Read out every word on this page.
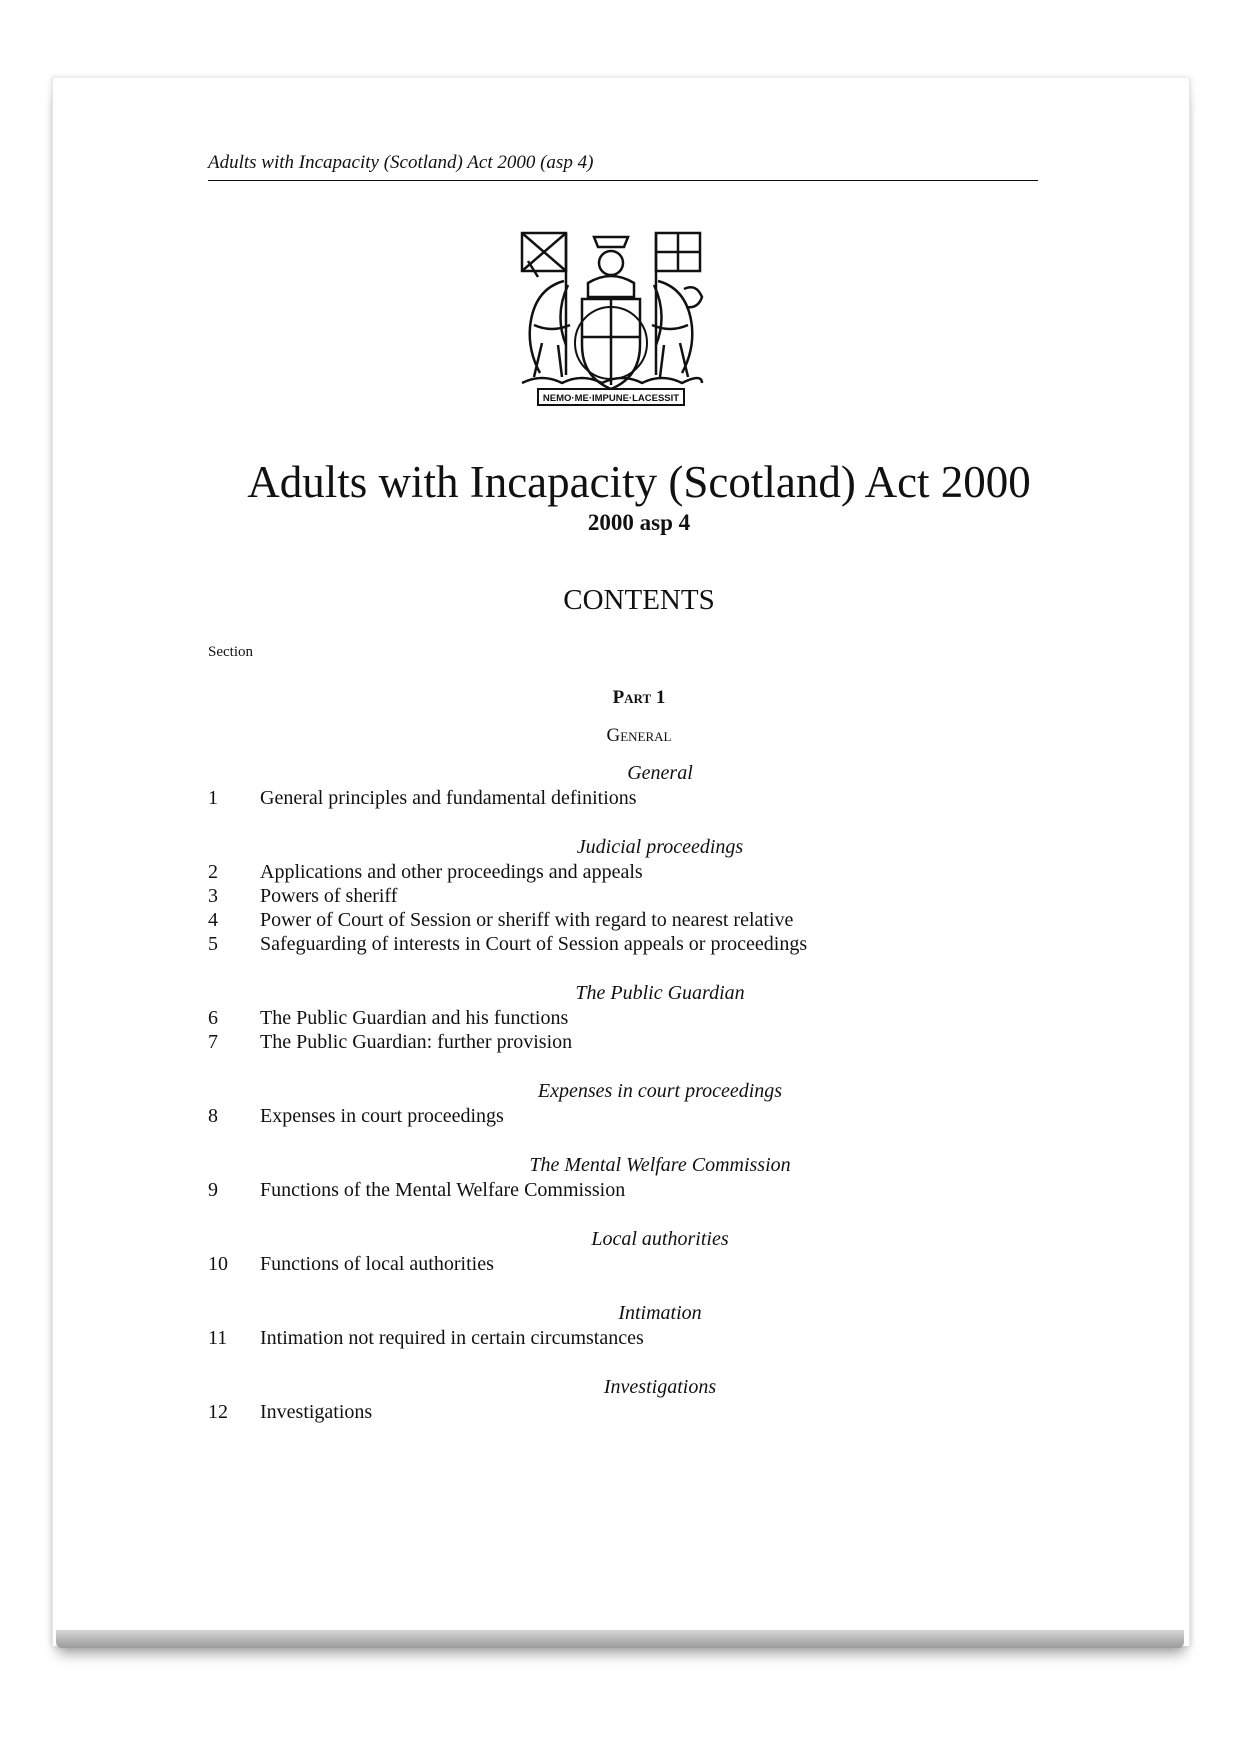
Adults with Incapacity (Scotland) Act 2000 (asp 4)
NEMO·ME·IMPUNE·LACESSIT
Adults with Incapacity (Scotland) Act 2000
2000 asp 4
CONTENTS
Section
Part 1
General
General
1	General principles and fundamental definitions
Judicial proceedings
2	Applications and other proceedings and appeals
3	Powers of sheriff
4	Power of Court of Session or sheriff with regard to nearest relative
5	Safeguarding of interests in Court of Session appeals or proceedings
The Public Guardian
6	The Public Guardian and his functions
7	The Public Guardian: further provision
Expenses in court proceedings
8	Expenses in court proceedings
The Mental Welfare Commission
9	Functions of the Mental Welfare Commission
Local authorities
10	Functions of local authorities
Intimation
11	Intimation not required in certain circumstances
Investigations
12	Investigations
